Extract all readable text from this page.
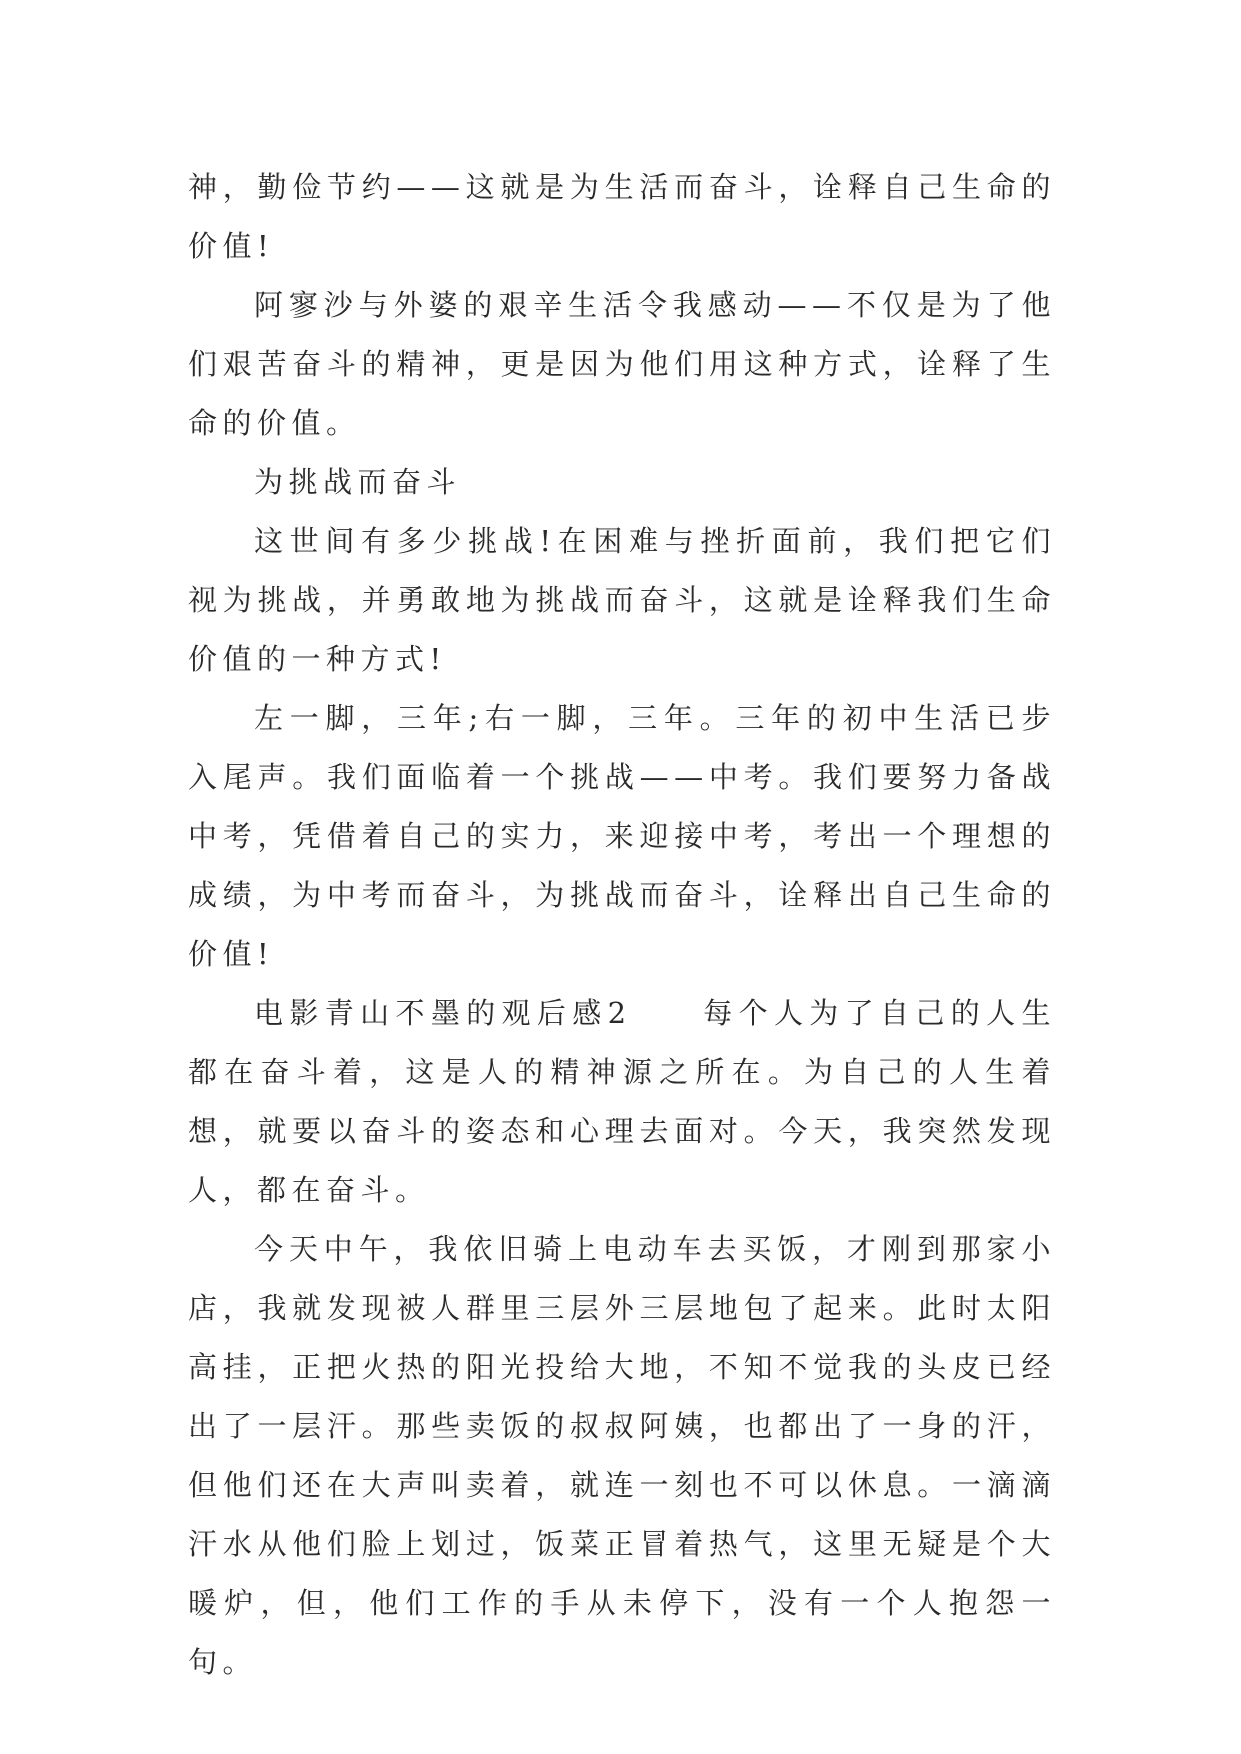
神，勤俭节约——这就是为生活而奋斗，诠释自己生命的价值!

阿寥沙与外婆的艰辛生活令我感动——不仅是为了他们艰苦奋斗的精神，更是因为他们用这种方式，诠释了生命的价值。

为挑战而奋斗

这世间有多少挑战!在困难与挫折面前，我们把它们视为挑战，并勇敢地为挑战而奋斗，这就是诠释我们生命价值的一种方式!

左一脚，三年;右一脚，三年。三年的初中生活已步入尾声。我们面临着一个挑战——中考。我们要努力备战中考，凭借着自己的实力，来迎接中考，考出一个理想的成绩，为中考而奋斗，为挑战而奋斗，诠释出自己生命的价值!

电影青山不墨的观后感2　　每个人为了自己的人生都在奋斗着，这是人的精神源之所在。为自己的人生着想，就要以奋斗的姿态和心理去面对。今天，我突然发现人，都在奋斗。

今天中午，我依旧骑上电动车去买饭，才刚到那家小店，我就发现被人群里三层外三层地包了起来。此时太阳高挂，正把火热的阳光投给大地，不知不觉我的头皮已经出了一层汗。那些卖饭的叔叔阿姨，也都出了一身的汗，但他们还在大声叫卖着，就连一刻也不可以休息。一滴滴汗水从他们脸上划过，饭菜正冒着热气，这里无疑是个大暖炉，但，他们工作的手从未停下，没有一个人抱怨一句。
